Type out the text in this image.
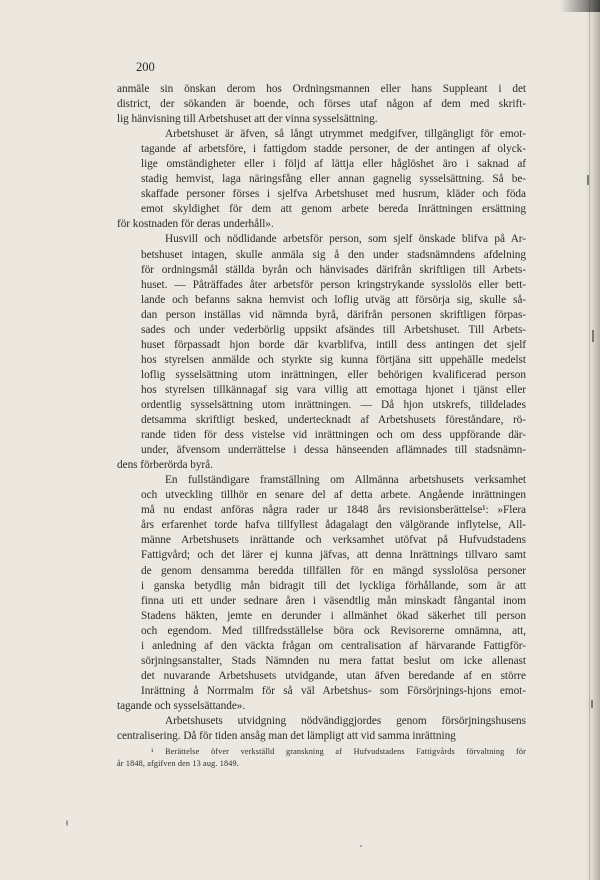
200

anmäle sin önskan derom hos Ordningsmannen eller hans Suppleant i det
district, der sökanden är boende, och förses utaf någon af dem med skrift-
lig hänvisning till Arbetshuset att der vinna sysselsättning.

Arbetshuset är äfven, så långt utrymmet medgifver, tillgängligt för emot-
tagande af arbetsföre, i fattigdom stadde personer, de der antingen af olyck-
lige omständigheter eller i följd af lättja eller håglöshet äro i saknad af
stadig hemvist, laga näringsfång eller annan gagnelig sysselsättning. Så be-
skaffade personer förses i sjelfva Arbetshuset med husrum, kläder och föda
emot skyldighet för dem att genom arbete bereda Inrättningen ersättning
för kostnaden för deras underhåll».

Husvill och nödlidande arbetsför person, som sjelf önskade blifva på Ar-
betshuset intagen, skulle anmäla sig å den under stadsnämndens afdelning
för ordningsmål ställda byrån och hänvisades därifrån skriftligen till Arbets-
huset. — Påträffades åter arbetsför person kringstrykande sysslolös eller bett-
lande och befanns sakna hemvist och loflig utväg att försörja sig, skulle så-
dan person inställas vid nämnda byrå, därifrån personen skriftligen förpas-
sades och under vederbörlig uppsikt afsändes till Arbetshuset. Till Arbets-
huset förpassadt hjon borde där kvarblifva, intill dess antingen det sjelf
hos styrelsen anmälde och styrkte sig kunna förtjäna sitt uppehälle medelst
loflig sysselsättning utom inrättningen, eller behörigen kvalificerad person
hos styrelsen tillkännagaf sig vara villig att emottaga hjonet i tjänst eller
ordentlig sysselsättning utom inrättningen. — Då hjon utskrefs, tilldelades
detsamma skriftligt besked, undertecknadt af Arbetshusets föreståndare, rö-
rande tiden för dess vistelse vid inrättningen och om dess uppförande där-
under, äfvensom underrättelse i dessa hänseenden aflämnades till stadsnämn-
dens förberörda byrå.

En fullständigare framställning om Allmänna arbetshusets verksamhet
och utveckling tillhör en senare del af detta arbete. Angående inrättningen
må nu endast anföras några rader ur 1848 års revisionsberättelse¹: »Flera
års erfarenhet torde hafva tillfyllest ådagalagt den välgörande inflytelse, All-
männe Arbetshusets inrättande och verksamhet utöfvat på Hufvudstadens
Fattigvård; och det lärer ej kunna jäfvas, att denna Inrättnings tillvaro samt
de genom densamma beredda tillfällen för en mängd sysslolösa personer
i ganska betydlig mån bidragit till det lyckliga förhållande, som är att
finna uti ett under sednare åren i väsendtlig mån minskadt fångantal inom
Stadens häkten, jemte en derunder i allmänhet ökad säkerhet till person
och egendom. Med tillfredsställelse böra ock Revisorerne omnämna, att,
i anledning af den väckta frågan om centralisation af härvarande Fattigför-
sörjningsanstalter, Stads Nämnden nu mera fattat beslut om icke allenast
det nuvarande Arbetshusets utvidgande, utan äfven beredande af en större
Inrättning å Norrmalm för så väl Arbetshus- som Försörjnings-hjons emot-
tagande och sysselsättande».

Arbetshusets utvidgning nödvändiggjordes genom försörjningshusens
centralisering. Då för tiden ansåg man det lämpligt att vid samma inrättning

¹ Berättelse öfver verkställd granskning af Hufvudstadens Fattigvårds förvaltning för
år 1848, afgifven den 13 aug. 1849.
